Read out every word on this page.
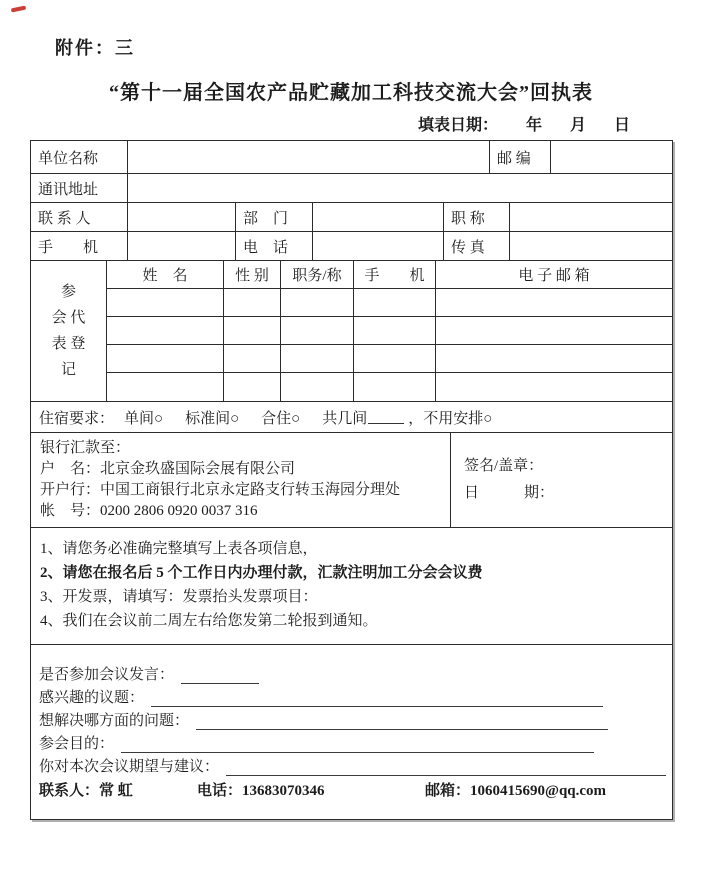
附件：三
“第十一届全国农产品贮藏加工科技交流大会”回执表
填表日期： 年 月 日
单位名称	邮 编
通讯地址
联 系 人	部　门	职 称
手　　机	电　话	传 真
参
会 代
表 登
记
姓　名	性 别	职务/称	手　　机	电 子 邮 箱
住宿要求： 单间○ 标准间○ 合住○ 共几间	， 不用安排○
银行汇款至：
户　名：北京金玖盛国际会展有限公司
开户行：中国工商银行北京永定路支行转玉海园分理处
帐　号：0200 2806 0920 0037 316
签名/盖章：
日　　　期：
1、请您务必准确完整填写上表各项信息，
2、请您在报名后 5 个工作日内办理付款，汇款注明加工分会会议费
3、开发票，请填写：发票抬头发票项目：
4、我们在会议前二周左右给您发第二轮报到通知。
是否参加会议发言：
感兴趣的议题：
想解决哪方面的问题：
参会目的：
你对本次会议期望与建议：
联系人：常 虹	电话：13683070346	邮箱：1060415690@qq.com
